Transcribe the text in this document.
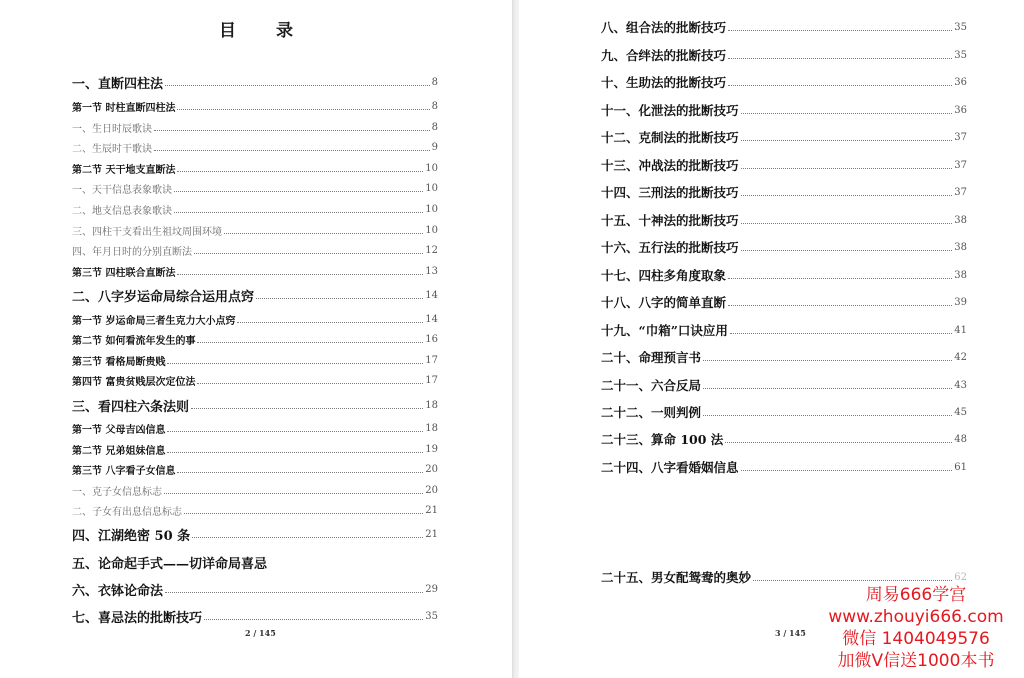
目录
一、直断四柱法	8
第一节 时柱直断四柱法	8
一、生日时辰歌诀	8
二、生辰时干歌诀	9
第二节 天干地支直断法	10
一、天干信息表象歌诀	10
二、地支信息表象歌诀	10
三、四柱干支看出生祖坟周围环境	10
四、年月日时的分别直断法	12
第三节 四柱联合直断法	13
二、八字岁运命局综合运用点窍	14
第一节 岁运命局三者生克力大小点窍	14
第二节 如何看流年发生的事	16
第三节 看格局断贵贱	17
第四节 富贵贫贱层次定位法	17
三、看四柱六条法则	18
第一节 父母吉凶信息	18
第二节 兄弟姐妹信息	19
第三节 八字看子女信息	20
一、克子女信息标志	20
二、子女有出息信息标志	21
四、江湖绝密 50 条	21
五、论命起手式——切详命局喜忌
六、衣钵论命法	29
七、喜忌法的批断技巧	35
2 / 145
八、组合法的批断技巧	35
九、合绊法的批断技巧	35
十、生助法的批断技巧	36
十一、化泄法的批断技巧	36
十二、克制法的批断技巧	37
十三、冲战法的批断技巧	37
十四、三刑法的批断技巧	37
十五、十神法的批断技巧	38
十六、五行法的批断技巧	38
十七、四柱多角度取象	38
十八、八字的简单直断	39
十九、“巾箱”口诀应用	41
二十、命理预言书	42
二十一、六合反局	43
二十二、一则判例	45
二十三、算命 100 法	48
二十四、八字看婚姻信息	61
二十五、男女配鸳鸯的奥妙	62
3 / 145
周易666学宫
www.zhouyi666.com
微信 1404049576
加微V信送1000本书
